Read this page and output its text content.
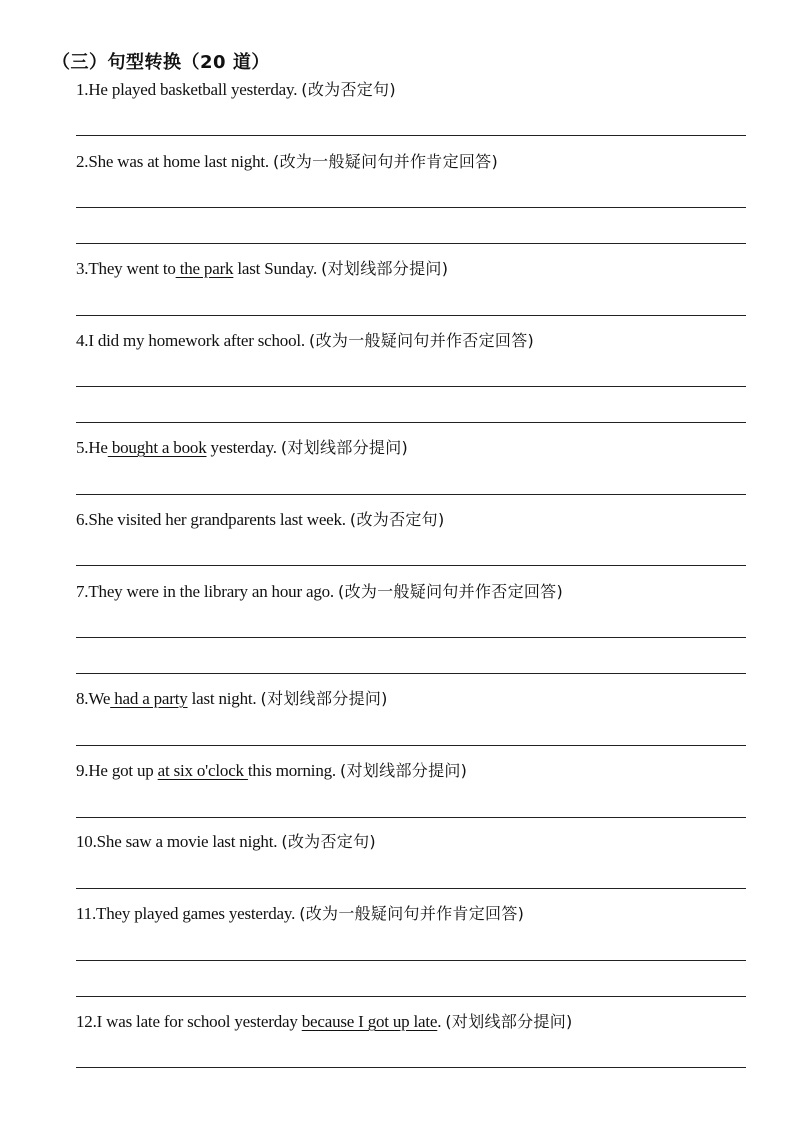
（三）句型转换（20 道）
1.He played basketball yesterday. (改为否定句)
2.She was at home last night. (改为一般疑问句并作肯定回答)
3.They went to the park last Sunday. (对划线部分提问)
4.I did my homework after school. (改为一般疑问句并作否定回答)
5.He bought a book yesterday. (对划线部分提问)
6.She visited her grandparents last week. (改为否定句)
7.They were in the library an hour ago. (改为一般疑问句并作否定回答)
8.We had a party last night. (对划线部分提问)
9.He got up at six o'clock this morning. (对划线部分提问)
10.She saw a movie last night. (改为否定句)
11.They played games yesterday. (改为一般疑问句并作肯定回答)
12.I was late for school yesterday because I got up late. (对划线部分提问)
